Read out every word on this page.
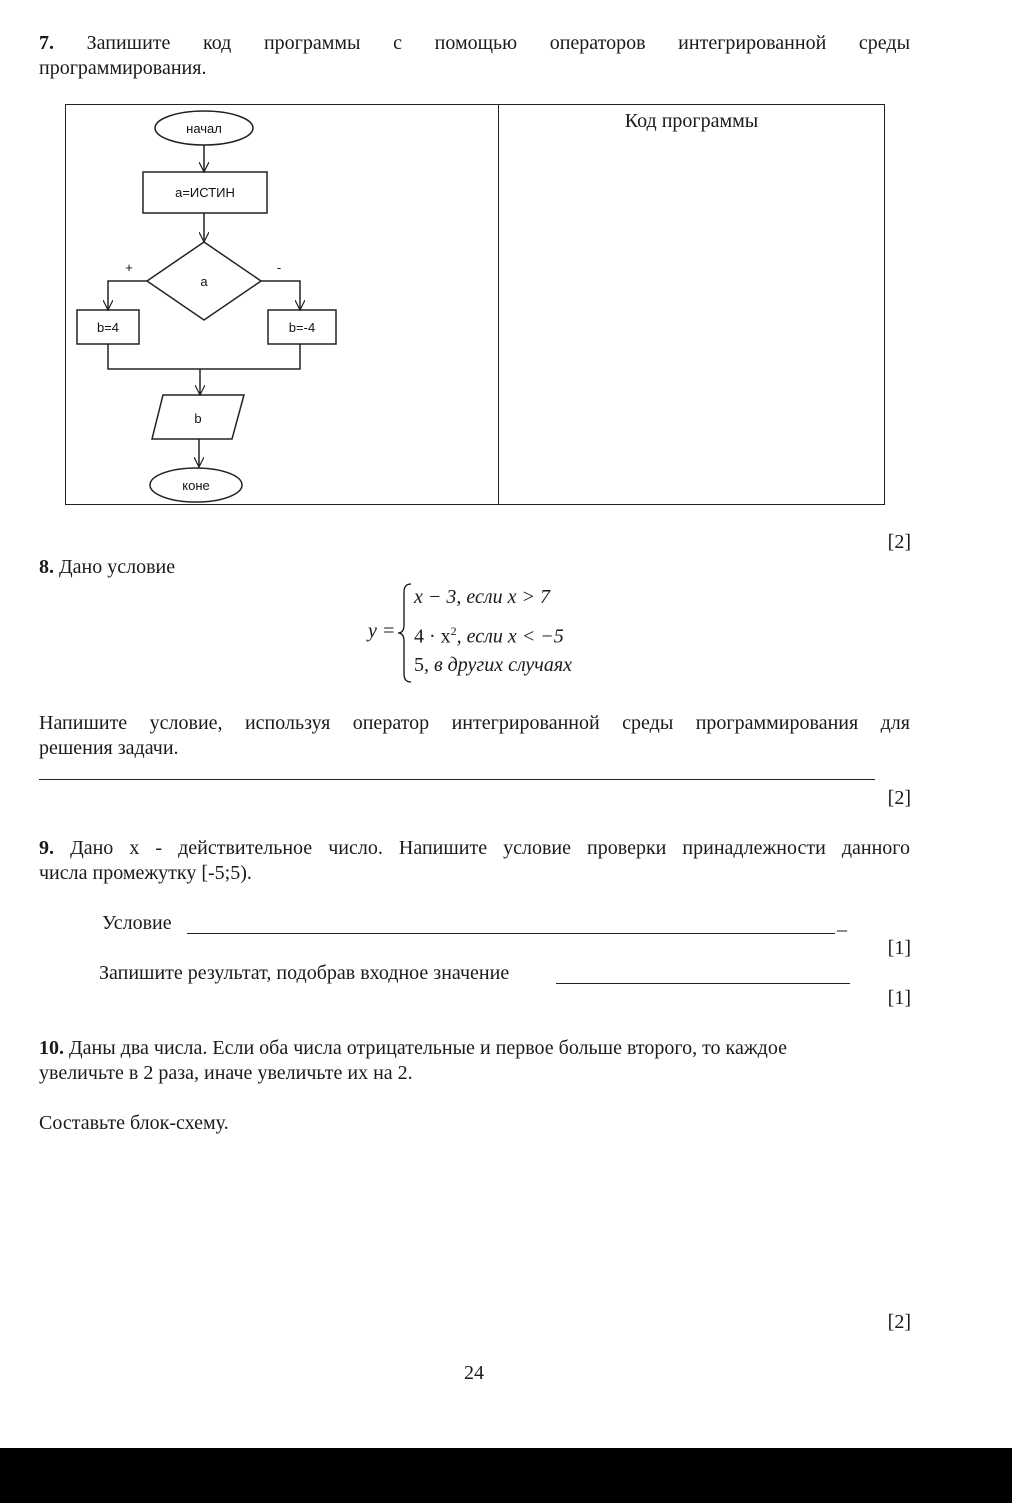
7. Запишите код программы с помощью операторов интегрированной среды

программирования.

Код программы
начал
a=ИСТИН
a
+	-
b=4	b=-4
b
коне
[2]

8. Дано условие

y =
x − 3, если x > 7
$4 \cdot x^2$, если x < −5
5, в других случаях

Напишите условие, используя оператор интегрированной среды программирования для

решения задачи.

[2]

9. Дано x - действительное число. Напишите условие проверки принадлежности данного

числа промежутку [-5;5).

Условие	_

[1]

Запишите результат, подобрав входное значение

[1]

10. Даны два числа. Если оба числа отрицательные и первое больше второго, то каждое

увеличьте в 2 раза, иначе увеличьте их на 2.

Составьте блок-схему.

[2]
24
